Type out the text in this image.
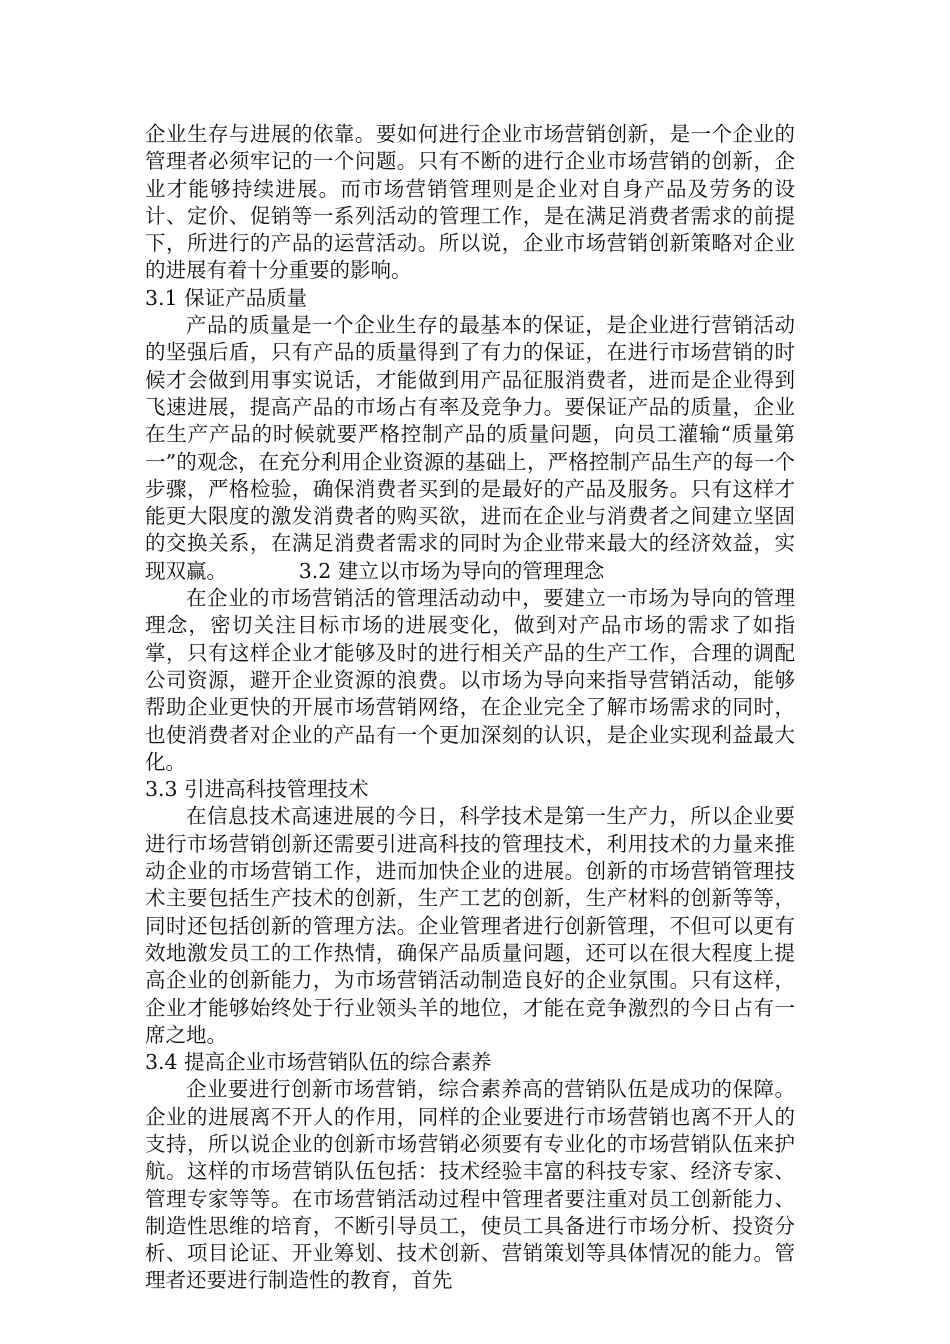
企业生存与进展的依靠。要如何进行企业市场营销创新，是一个企业的管理者必须牢记的一个问题。只有不断的进行企业市场营销的创新，企业才能够持续进展。而市场营销管理则是企业对自身产品及劳务的设计、定价、促销等一系列活动的管理工作，是在满足消费者需求的前提下，所进行的产品的运营活动。所以说，企业市场营销创新策略对企业的进展有着十分重要的影响。

3.1 保证产品质量

产品的质量是一个企业生存的最基本的保证，是企业进行营销活动的坚强后盾，只有产品的质量得到了有力的保证，在进行市场营销的时候才会做到用事实说话，才能做到用产品征服消费者，进而是企业得到飞速进展，提高产品的市场占有率及竞争力。要保证产品的质量，企业在生产产品的时候就要严格控制产品的质量问题，向员工灌输“质量第一”的观念，在充分利用企业资源的基础上，严格控制产品生产的每一个步骤，严格检验，确保消费者买到的是最好的产品及服务。只有这样才能更大限度的激发消费者的购买欲，进而在企业与消费者之间建立坚固的交换关系，在满足消费者需求的同时为企业带来最大的经济效益，实现双赢。　　　　3.2 建立以市场为导向的管理理念

在企业的市场营销活的管理活动动中，要建立一市场为导向的管理理念，密切关注目标市场的进展变化，做到对产品市场的需求了如指掌，只有这样企业才能够及时的进行相关产品的生产工作，合理的调配公司资源，避开企业资源的浪费。以市场为导向来指导营销活动，能够帮助企业更快的开展市场营销网络，在企业完全了解市场需求的同时，也使消费者对企业的产品有一个更加深刻的认识，是企业实现利益最大化。

3.3 引进高科技管理技术

在信息技术高速进展的今日，科学技术是第一生产力，所以企业要进行市场营销创新还需要引进高科技的管理技术，利用技术的力量来推动企业的市场营销工作，进而加快企业的进展。创新的市场营销管理技术主要包括生产技术的创新，生产工艺的创新，生产材料的创新等等，同时还包括创新的管理方法。企业管理者进行创新管理，不但可以更有效地激发员工的工作热情，确保产品质量问题，还可以在很大程度上提高企业的创新能力，为市场营销活动制造良好的企业氛围。只有这样，企业才能够始终处于行业领头羊的地位，才能在竞争激烈的今日占有一席之地。

3.4 提高企业市场营销队伍的综合素养

企业要进行创新市场营销，综合素养高的营销队伍是成功的保障。企业的进展离不开人的作用，同样的企业要进行市场营销也离不开人的支持，所以说企业的创新市场营销必须要有专业化的市场营销队伍来护航。这样的市场营销队伍包括：技术经验丰富的科技专家、经济专家、管理专家等等。在市场营销活动过程中管理者要注重对员工创新能力、制造性思维的培育，不断引导员工，使员工具备进行市场分析、投资分析、项目论证、开业筹划、技术创新、营销策划等具体情况的能力。管理者还要进行制造性的教育，首先
